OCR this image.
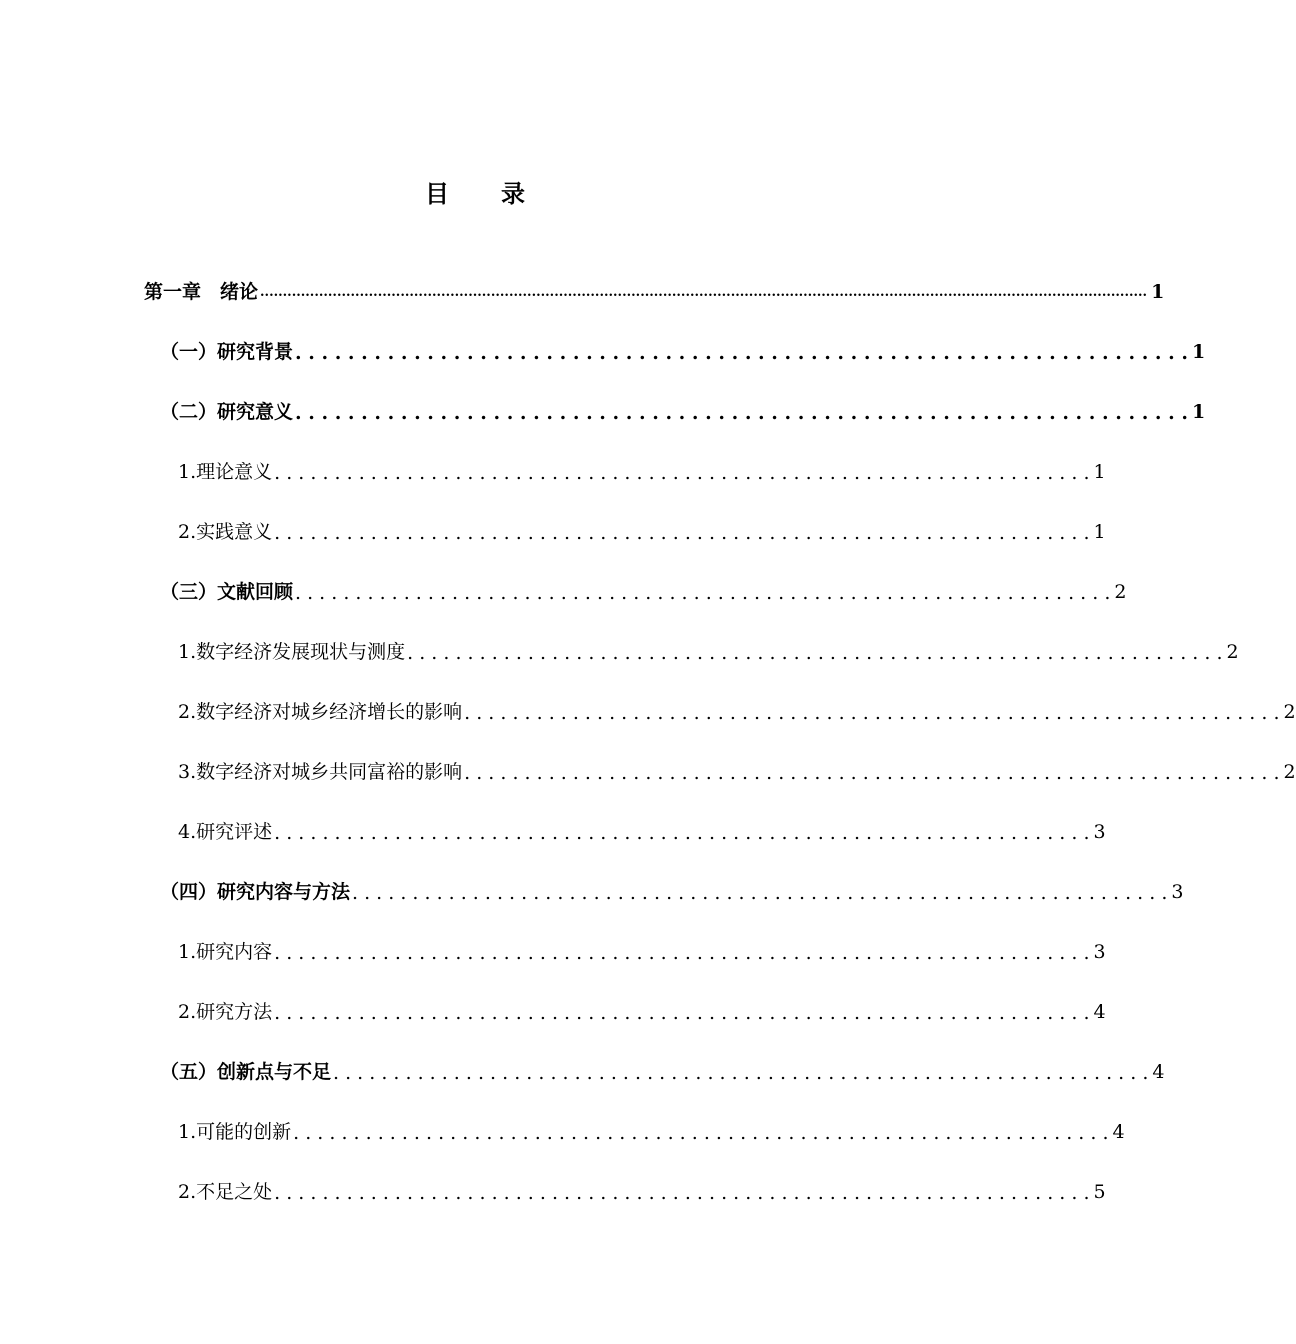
目 录
第一章　绪论 .................................................................................................................................................................................................... 1
（一）研究背景 . . . . . . . . . . . . . . . . . . . . . . . . . . . . . . . . . . . . . . . . . . . . . . . . . . . . . . . . . . . . . . . . . . . . 1
（二）研究意义 . . . . . . . . . . . . . . . . . . . . . . . . . . . . . . . . . . . . . . . . . . . . . . . . . . . . . . . . . . . . . . . . . . . . 1
1.理论意义 . . . . . . . . . . . . . . . . . . . . . . . . . . . . . . . . . . . . . . . . . . . . . . . . . . . . . . . . . . . . . . . . . . . . 1
2.实践意义 . . . . . . . . . . . . . . . . . . . . . . . . . . . . . . . . . . . . . . . . . . . . . . . . . . . . . . . . . . . . . . . . . . . . 1
（三）文献回顾 . . . . . . . . . . . . . . . . . . . . . . . . . . . . . . . . . . . . . . . . . . . . . . . . . . . . . . . . . . . . . . . . . . . . 2
1.数字经济发展现状与测度 . . . . . . . . . . . . . . . . . . . . . . . . . . . . . . . . . . . . . . . . . . . . . . . . . . . . . . . . . . . . . . . . . . . . 2
2.数字经济对城乡经济增长的影响 . . . . . . . . . . . . . . . . . . . . . . . . . . . . . . . . . . . . . . . . . . . . . . . . . . . . . . . . . . . . . . . . . . . . 2
3.数字经济对城乡共同富裕的影响 . . . . . . . . . . . . . . . . . . . . . . . . . . . . . . . . . . . . . . . . . . . . . . . . . . . . . . . . . . . . . . . . . . . . 2
4.研究评述 . . . . . . . . . . . . . . . . . . . . . . . . . . . . . . . . . . . . . . . . . . . . . . . . . . . . . . . . . . . . . . . . . . . . 3
（四）研究内容与方法 . . . . . . . . . . . . . . . . . . . . . . . . . . . . . . . . . . . . . . . . . . . . . . . . . . . . . . . . . . . . . . . . . . . . 3
1.研究内容 . . . . . . . . . . . . . . . . . . . . . . . . . . . . . . . . . . . . . . . . . . . . . . . . . . . . . . . . . . . . . . . . . . . . 3
2.研究方法 . . . . . . . . . . . . . . . . . . . . . . . . . . . . . . . . . . . . . . . . . . . . . . . . . . . . . . . . . . . . . . . . . . . . 4
（五）创新点与不足 . . . . . . . . . . . . . . . . . . . . . . . . . . . . . . . . . . . . . . . . . . . . . . . . . . . . . . . . . . . . . . . . . . . . 4
1.可能的创新 . . . . . . . . . . . . . . . . . . . . . . . . . . . . . . . . . . . . . . . . . . . . . . . . . . . . . . . . . . . . . . . . . . . . 4
2.不足之处 . . . . . . . . . . . . . . . . . . . . . . . . . . . . . . . . . . . . . . . . . . . . . . . . . . . . . . . . . . . . . . . . . . . . 5
